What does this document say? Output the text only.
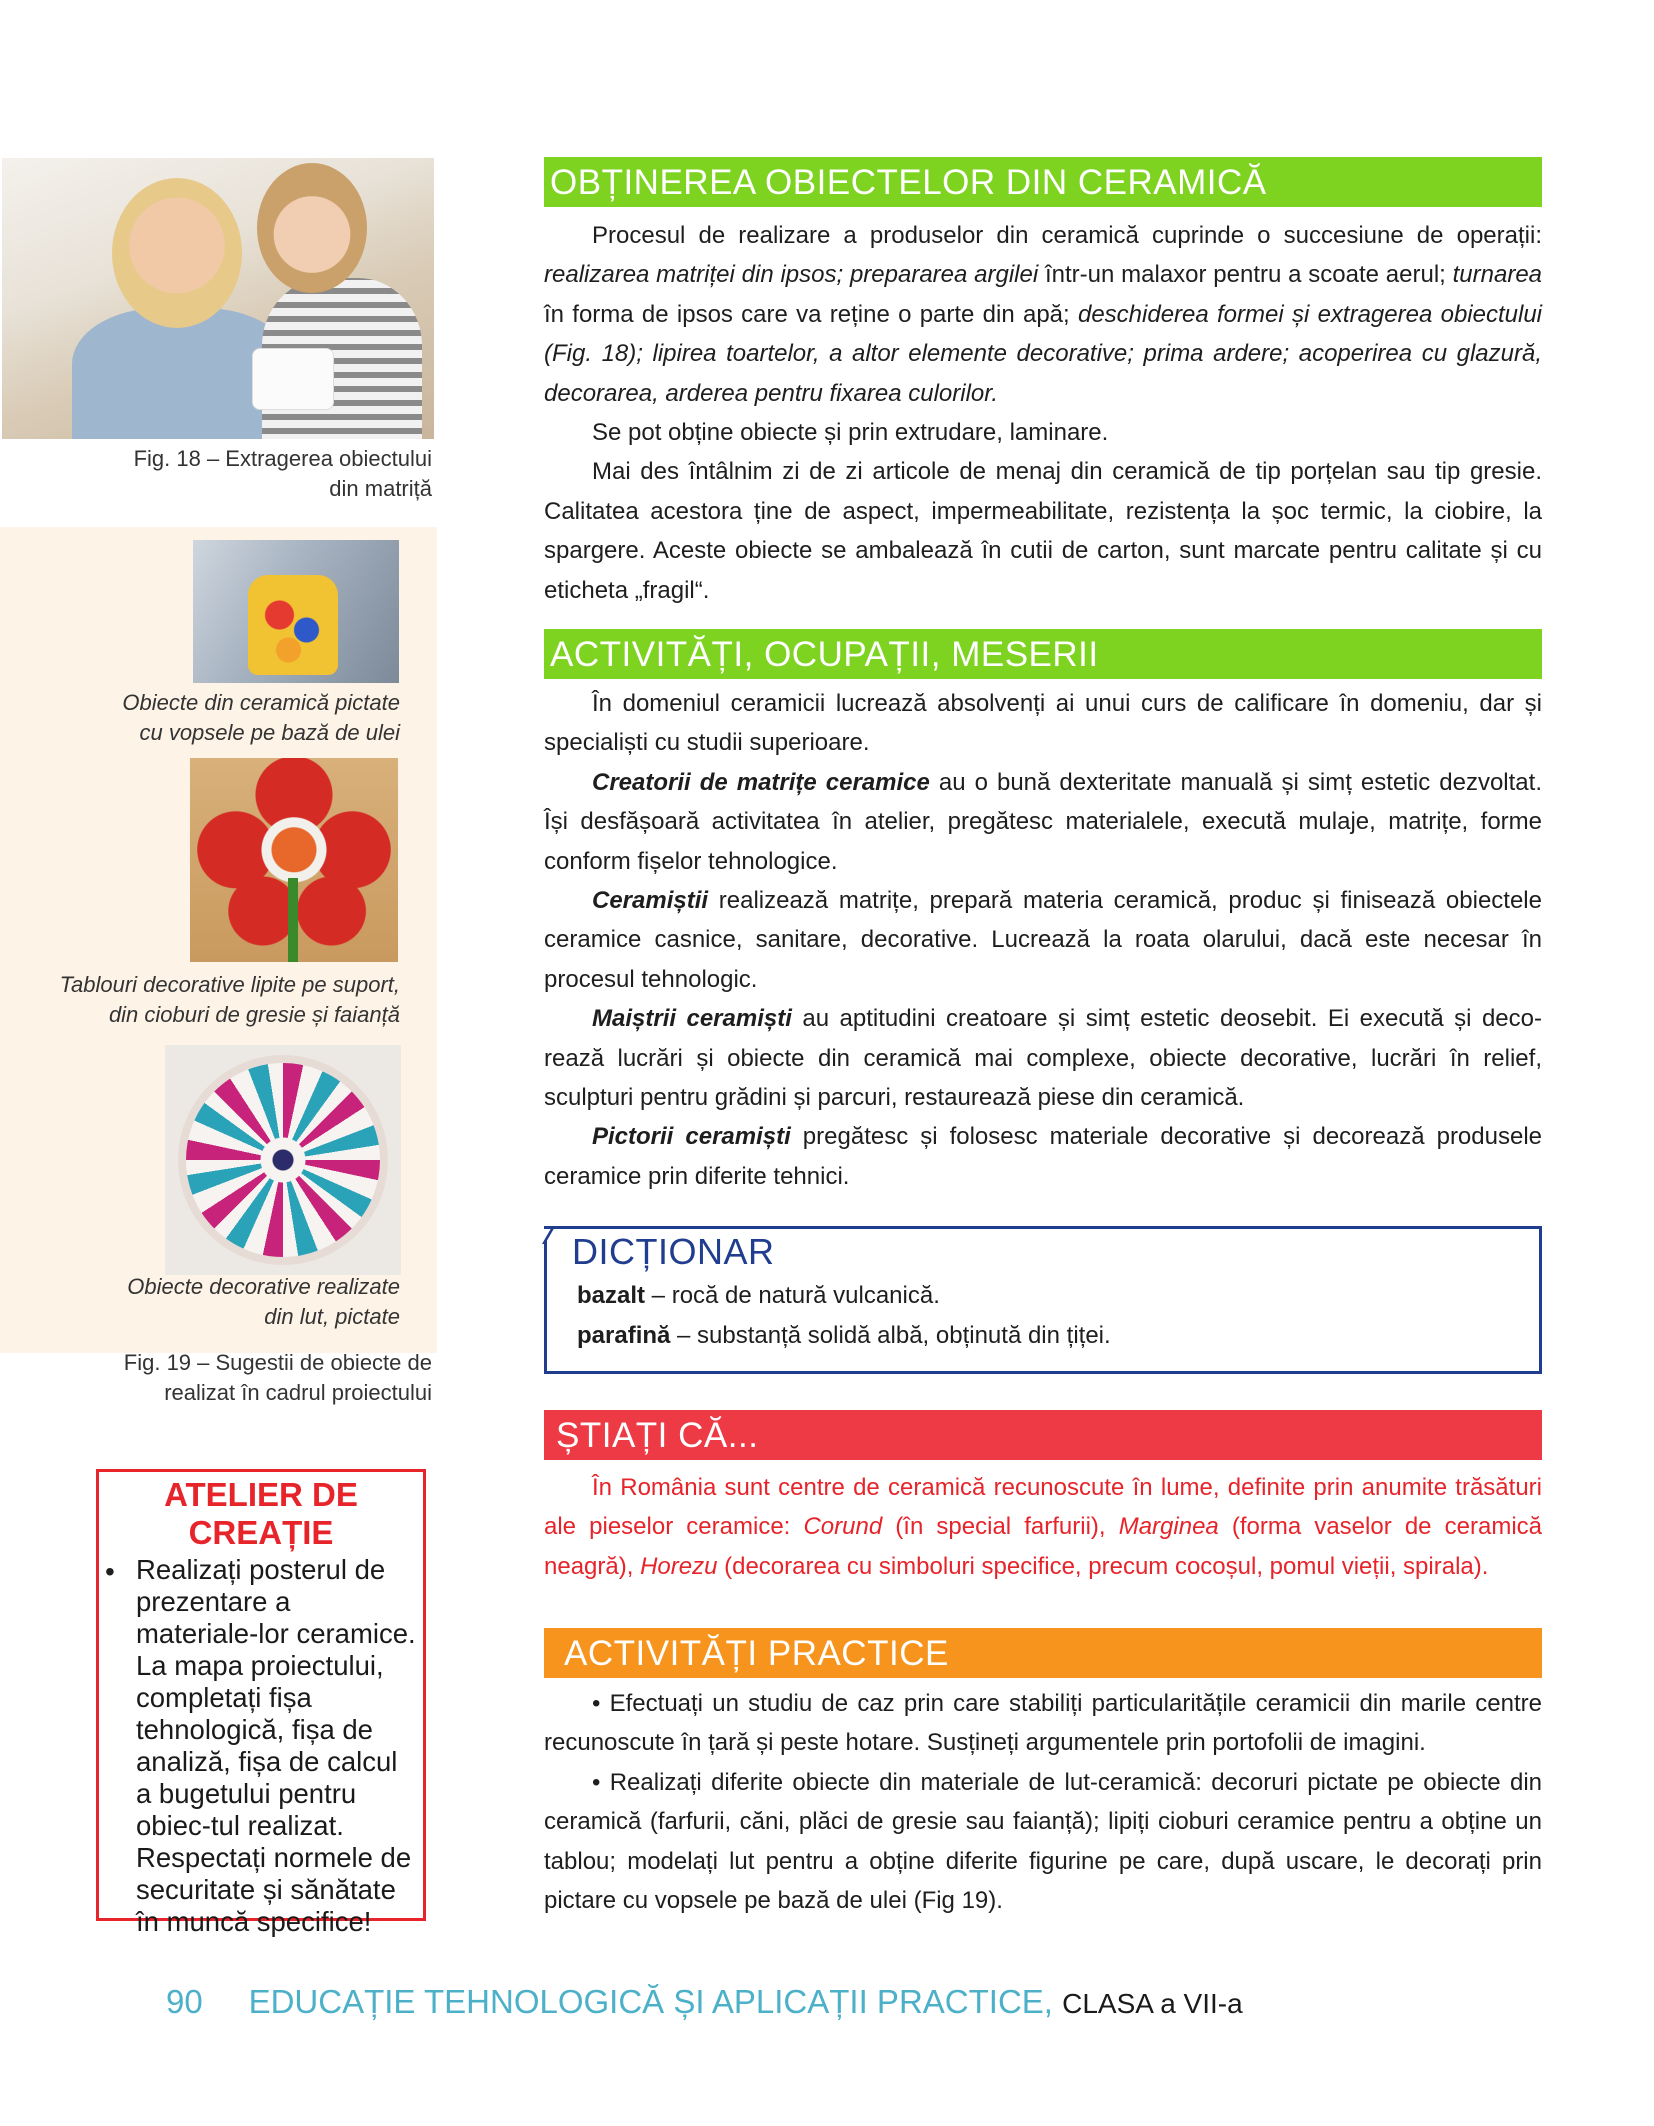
Fig. 18 – Extragerea obiectului
din matriță
Obiecte din ceramică pictate
cu vopsele pe bază de ulei
Tablouri decorative lipite pe suport,
din cioburi de gresie și faianță
Obiecte decorative realizate
din lut, pictate
Fig. 19 – Sugestii de obiecte de
realizat în cadrul proiectului
ATELIER DE
CREAȚIE
• Realizați posterul de prezentare a materiale-lor ceramice. La mapa proiectului, completați fișa tehnologică, fișa de analiză, fișa de calcul a bugetului pentru obiec-tul realizat. Respectați normele de securitate și sănătate în muncă specifice!

OBȚINEREA OBIECTELOR DIN CERAMICĂ

Procesul de realizare a produselor din ceramică cuprinde o succesiune de operații: realizarea matriței din ipsos; prepararea argilei într-un malaxor pentru a scoate aerul; turnarea în forma de ipsos care va reține o parte din apă; deschiderea formei și extragerea obiectului (Fig. 18); lipirea toartelor, a altor elemente decorative; prima ardere; acoperirea cu glazură, decorarea, arderea pentru fixarea culorilor.

Se pot obține obiecte și prin extrudare, laminare.

Mai des întâlnim zi de zi articole de menaj din ceramică de tip porțelan sau tip gresie. Calitatea acestora ține de aspect, impermeabilitate, rezistența la șoc termic, la ciobire, la spargere. Aceste obiecte se ambalează în cutii de carton, sunt marcate pentru calitate și cu eticheta „fragil“.

ACTIVITĂȚI, OCUPAȚII, MESERII

În domeniul ceramicii lucrează absolvenți ai unui curs de calificare în domeniu, dar și specialiști cu studii superioare.

Creatorii de matrițe ceramice au o bună dexteritate manuală și simț estetic dezvoltat. Își desfășoară activitatea în atelier, pregătesc materialele, execută mulaje, matrițe, forme conform fișelor tehnologice.

Ceramiștii realizează matrițe, prepară materia ceramică, produc și finisează obiectele ceramice casnice, sanitare, decorative. Lucrează la roata olarului, dacă este necesar în procesul tehnologic.

Maiștrii ceramiști au aptitudini creatoare și simț estetic deosebit. Ei execută și deco-rează lucrări și obiecte din ceramică mai complexe, obiecte decorative, lucrări în relief, sculpturi pentru grădini și parcuri, restaurează piese din ceramică.

Pictorii ceramiști pregătesc și folosesc materiale decorative și decorează produsele ceramice prin diferite tehnici.

DICȚIONAR
bazalt – rocă de natură vulcanică.
parafină – substanță solidă albă, obținută din țiței.
ȘTIAȚI CĂ...

În România sunt centre de ceramică recunoscute în lume, definite prin anumite trăsături ale pieselor ceramice: Corund (în special farfurii), Marginea (forma vaselor de ceramică neagră), Horezu (decorarea cu simboluri specifice, precum cocoșul, pomul vieții, spirala).

ACTIVITĂȚI PRACTICE

• Efectuați un studiu de caz prin care stabiliți particularitățile ceramicii din marile centre recunoscute în țară și peste hotare. Susțineți argumentele prin portofolii de imagini.

• Realizați diferite obiecte din materiale de lut-ceramică: decoruri pictate pe obiecte din ceramică (farfurii, căni, plăci de gresie sau faianță); lipiți cioburi ceramice pentru a obține un tablou; modelați lut pentru a obține diferite figurine pe care, după uscare, le decorați prin pictare cu vopsele pe bază de ulei (Fig 19).

90 EDUCAȚIE TEHNOLOGICĂ ȘI APLICAȚII PRACTICE, CLASA a VII-a
